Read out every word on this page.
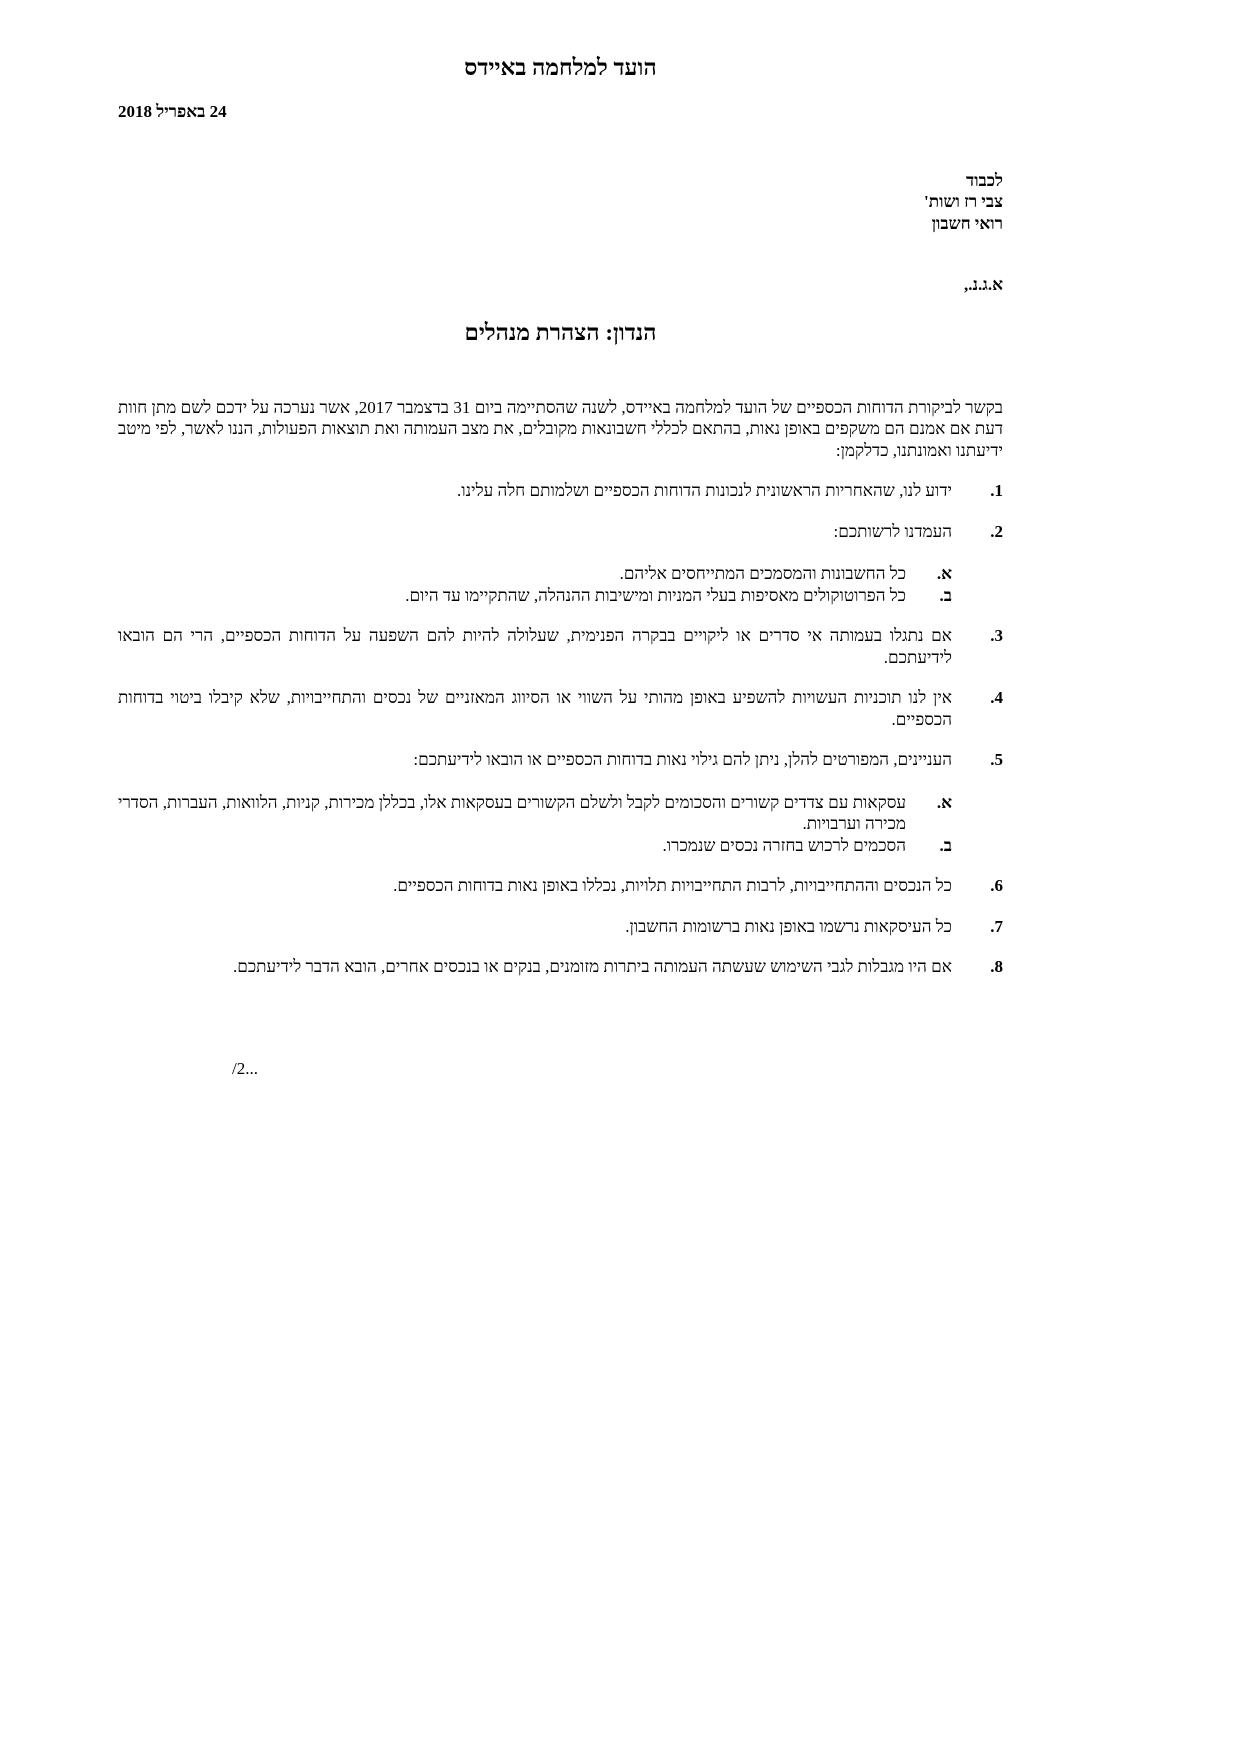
הועד למלחמה באיידס
24 באפריל 2018
לכבוד
צבי רז ושות'
רואי חשבון
א.ג.נ.,
הנדון: הצהרת מנהלים

בקשר לביקורת הדוחות הכספיים של הועד למלחמה באיידס, לשנה שהסתיימה ביום 31 בדצמבר 2017, אשר נערכה על ידכם לשם מתן חוות דעת אם אמנם הם משקפים באופן נאות, בהתאם לכללי חשבונאות מקובלים, את מצב העמותה ואת תוצאות הפעולות, הננו לאשר, לפי מיטב ידיעתנו ואמונתנו, כדלקמן:

1.
ידוע לנו, שהאחריות הראשונית לנכונות הדוחות הכספיים ושלמותם חלה עלינו.
2.
העמדנו לרשותכם:
א.
כל החשבונות והמסמכים המתייחסים אליהם.
ב.
כל הפרוטוקולים מאסיפות בעלי המניות ומישיבות ההנהלה, שהתקיימו עד היום.
3.
אם נתגלו בעמותה אי סדרים או ליקויים בבקרה הפנימית, שעלולה להיות להם השפעה על הדוחות הכספיים, הרי הם הובאו לידיעתכם.
4.
אין לנו תוכניות העשויות להשפיע באופן מהותי על השווי או הסיווג המאזניים של נכסים והתחייבויות, שלא קיבלו ביטוי בדוחות הכספיים.
5.
העניינים, המפורטים להלן, ניתן להם גילוי נאות בדוחות הכספיים או הובאו לידיעתכם:
א.
עסקאות עם צדדים קשורים והסכומים לקבל ולשלם הקשורים בעסקאות אלו, בכללן מכירות, קניות, הלוואות, העברות, הסדרי מכירה וערבויות.
ב.
הסכמים לרכוש בחזרה נכסים שנמכרו.
6.
כל הנכסים וההתחייבויות, לרבות התחייבויות תלויות, נכללו באופן נאות בדוחות הכספיים.
7.
כל העיסקאות נרשמו באופן נאות ברשומות החשבון.
8.
אם היו מגבלות לגבי השימוש שעשתה העמותה ביתרות מזומנים, בנקים או בנכסים אחרים, הובא הדבר לידיעתכם.
/2...
